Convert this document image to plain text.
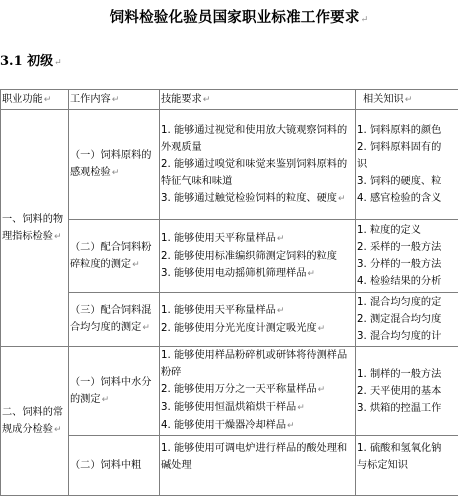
饲料检验化验员国家职业标准工作要求↵
3.1 初级↵
职业功能↵	工作内容↵	技能要求↵	相关知识↵
一、饲料的物理指标检验↵	（一）饲料原料的感观检验↵	1. 能够通过视觉和使用放大镜观察饲料的外观质量
2. 能够通过嗅觉和味觉来鉴别饲料原料的特征气味和味道
3. 能够通过触觉检验饲料的粒度、硬度↵	1. 饲料原料的颜色
2. 饲料原料固有的
识
3. 饲料的硬度、粒
4. 感官检验的含义

	（二）配合饲料粉碎粒度的测定↵	1. 能够使用天平称量样品↵
2. 能够使用标准编织筛测定饲料的粒度
3. 能够使用电动摇筛机筛理样品↵	1. 粒度的定义
2. 采样的一般方法
3. 分样的一般方法
4. 检验结果的分析

	（三）配合饲料混合均匀度的测定↵	1. 能够使用天平称量样品↵
2. 能够使用分光光度计测定吸光度↵	1. 混合均匀度的定
2. 测定混合均匀度
3. 混合均匀度的计

二、饲料的常规成分检验↵	（一）饲料中水分的测定↵	1. 能够使用样品粉碎机或研钵将待测样品粉碎
2. 能够使用万分之一天平称量样品↵
3. 能够使用恒温烘箱烘干样品↵
4. 能够使用干燥器冷却样品↵	1. 制样的一般方法
2. 天平使用的基本
3. 烘箱的控温工作

	（二）饲料中粗	1. 能够使用可调电炉进行样品的酸处理和碱处理	1. 硫酸和氢氧化钠
与标定知识
